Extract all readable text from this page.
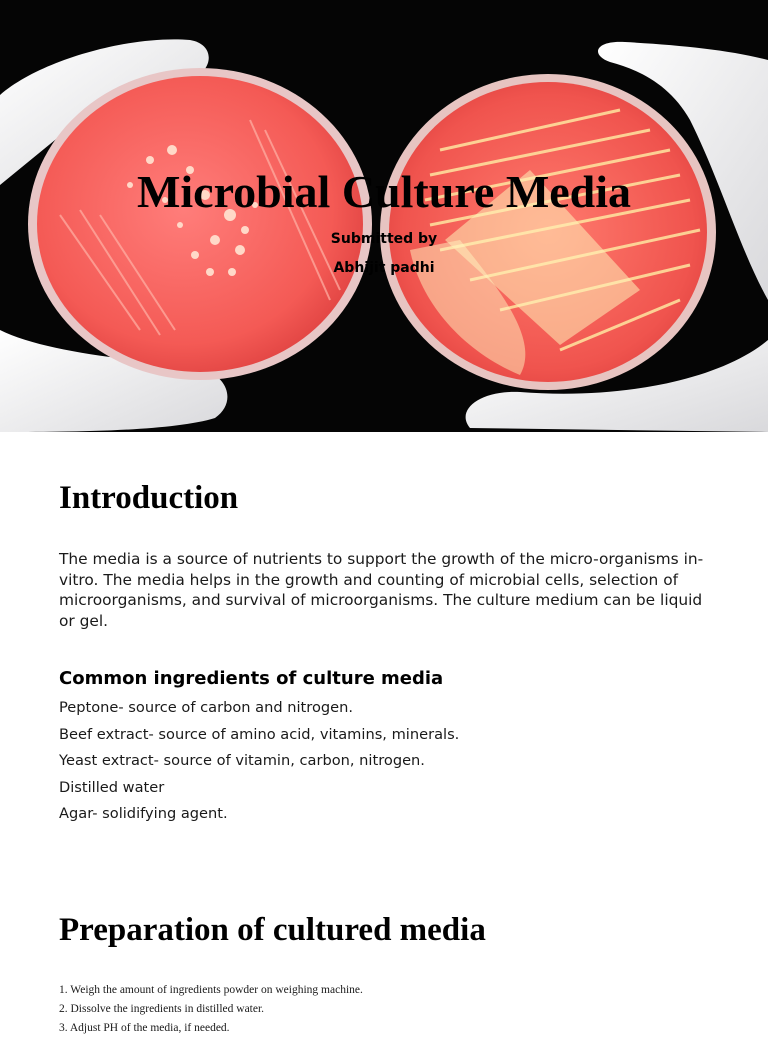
Microbial Culture Media
Submitted by
Abhijit padhi
Introduction

The media is a source of nutrients to support the growth of the micro-organisms in-vitro. The media helps in the growth and counting of microbial cells, selection of microorganisms, and survival of microorganisms. The culture medium can be liquid or gel.

Common ingredients of culture media
Peptone- source of carbon and nitrogen.
Beef extract- source of amino acid, vitamins, minerals.
Yeast extract- source of vitamin, carbon, nitrogen.
Distilled water
Agar- solidifying agent.
Preparation of cultured media
1. Weigh the amount of ingredients powder on weighing machine.
2. Dissolve the ingredients in distilled water.
3. Adjust PH of the media, if needed.
